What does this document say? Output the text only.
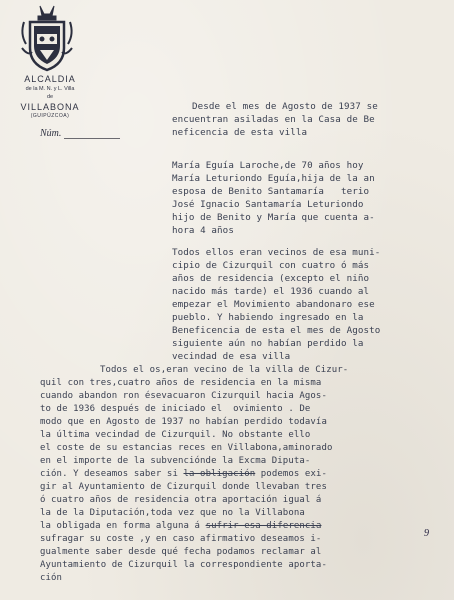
ALCALDIA
de la M. N. y L. Villa
de
VILLABONA
(GUIPÚZCOA)
Núm.

Desde el mes de Agosto de 1937 se

encuentran asiladas en la Casa de Be

neficencia de esta villa

María Eguía Laroche,de 70 años hoy

María Leturiondo Eguía,hija de la an

esposa de Benito Santamaría   terio

José Ignacio Santamaría Leturiondo

hijo de Benito y María que cuenta a-

hora 4 años

Todos ellos eran vecinos de esa muni-

cipio de Cizurquil con cuatro ó más

años de residencia (excepto el niño

nacido más tarde) el 1936 cuando al

empezar el Movimiento abandonaro ese

pueblo. Y habiendo ingresado en la

Beneficencia de esta el mes de Agosto

siguiente aún no habían perdido la

vecindad de esa villa

Todos el os,eran vecino de la villa de Cizur-

quil con tres,cuatro años de residencia en la misma

cuando abandon ron ésevacuaron Cizurquil hacia Agos-

to de 1936 después de iniciado el  ovimiento . De

modo que en Agosto de 1937 no habían perdido todavía

la última vecindad de Cizurquil. No obstante ello

el coste de su estancias reces en Villabona,aminorado

en el importe de la subvenciónde la Excma Diputa-

ción. Y deseamos saber si la obligación podemos exi-

gir al Ayuntamiento de Cizurquil donde llevaban tres

ó cuatro años de residencia otra aportación igual á

la de la Diputación,toda vez que no la Villabona

la obligada en forma alguna á sufrir esa diferencia

sufragar su coste ,y en caso afirmativo deseamos i-

gualmente saber desde qué fecha podamos reclamar al

Ayuntamiento de Cizurquil la correspondiente aporta-

ción

9
